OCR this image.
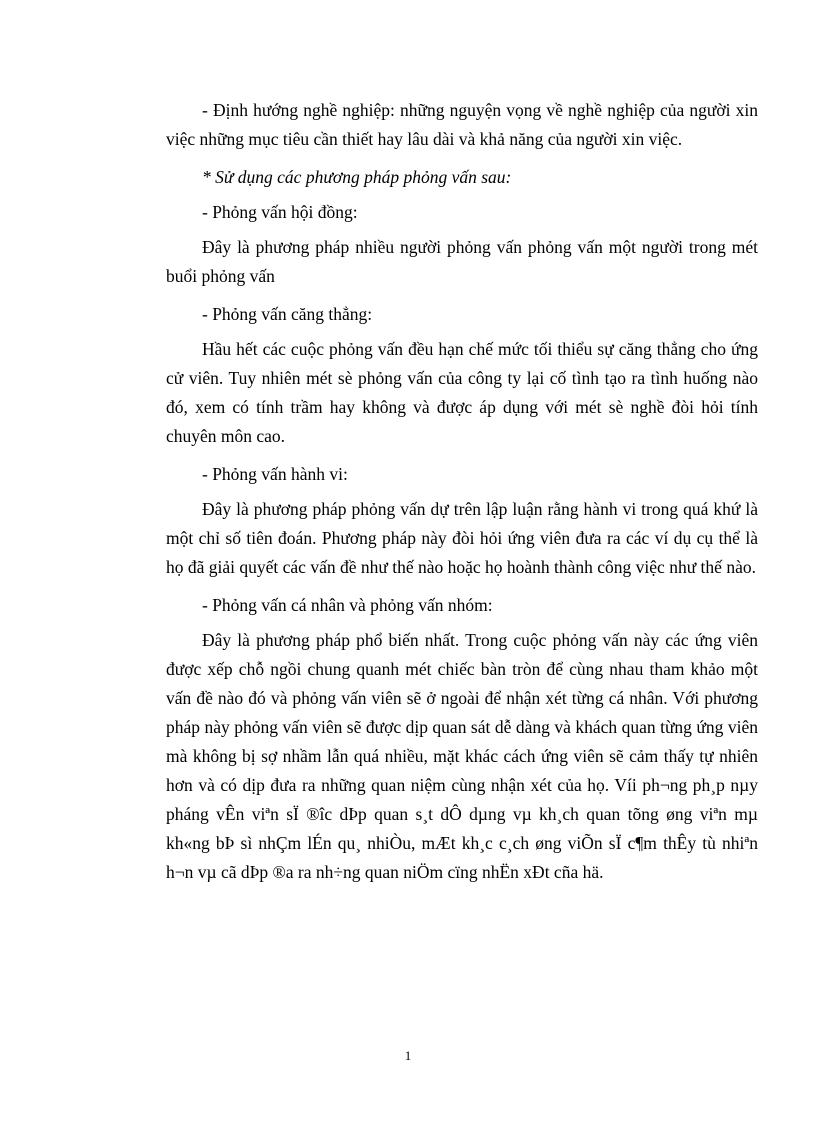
- Định hướng nghề nghiệp: những nguyện vọng về nghề nghiệp của người xin việc những mục tiêu cần thiết hay lâu dài và khả năng của người xin việc.

* Sử dụng các phương pháp phỏng vấn sau:

- Phỏng vấn hội đồng:

Đây là phương pháp nhiều người phỏng vấn phỏng vấn một người trong mét buổi phỏng vấn

- Phỏng vấn căng thẳng:

Hầu hết các cuộc phỏng vấn đều hạn chế mức tối thiểu sự căng thẳng cho ứng cử viên. Tuy nhiên mét sè phỏng vấn của công ty lại cố tình tạo ra tình huống nào đó, xem có tính trầm hay không và được áp dụng với mét sè nghề đòi hỏi tính chuyên môn cao.

- Phỏng vấn hành vi:

Đây là phương pháp phỏng vấn dự trên lập luận rằng hành vi trong quá khứ là một chỉ số tiên đoán. Phương pháp này đòi hỏi ứng viên đưa ra các ví dụ cụ thể là họ đã giải quyết các vấn đề như thế nào hoặc họ hoành thành công việc như thế nào.

- Phỏng vấn cá nhân và phỏng vấn nhóm:

Đây là phương pháp phổ biến nhất. Trong cuộc phỏng vấn này các ứng viên được xếp chỗ ngồi chung quanh mét chiếc bàn tròn để cùng nhau tham khảo một vấn đề nào đó và phỏng vấn viên sẽ ở ngoài để nhận xét từng cá nhân. Với phương pháp này phỏng vấn viên sẽ được dịp quan sát dễ dàng và khách quan từng ứng viên mà không bị sợ nhầm lẫn quá nhiều, mặt khác cách ứng viên sẽ cảm thấy tự nhiên hơn và có dịp đưa ra những quan niệm cùng nhận xét của họ. Víi ph¬ng ph¸p nµy pháng vÊn viªn sÏ ®îc dÞp quan s¸t dÔ dµng vµ kh¸ch quan tõng øng viªn mµ kh«ng bÞ sì nhÇm lÉn qu¸ nhiÒu, mÆt kh¸c c¸ch øng viÕn sÏ c¶m thÊy tù nhiªn h¬n vµ cã dÞp ®a ra nh÷ng quan niÖm cïng nhËn xÐt cña hä.

1
